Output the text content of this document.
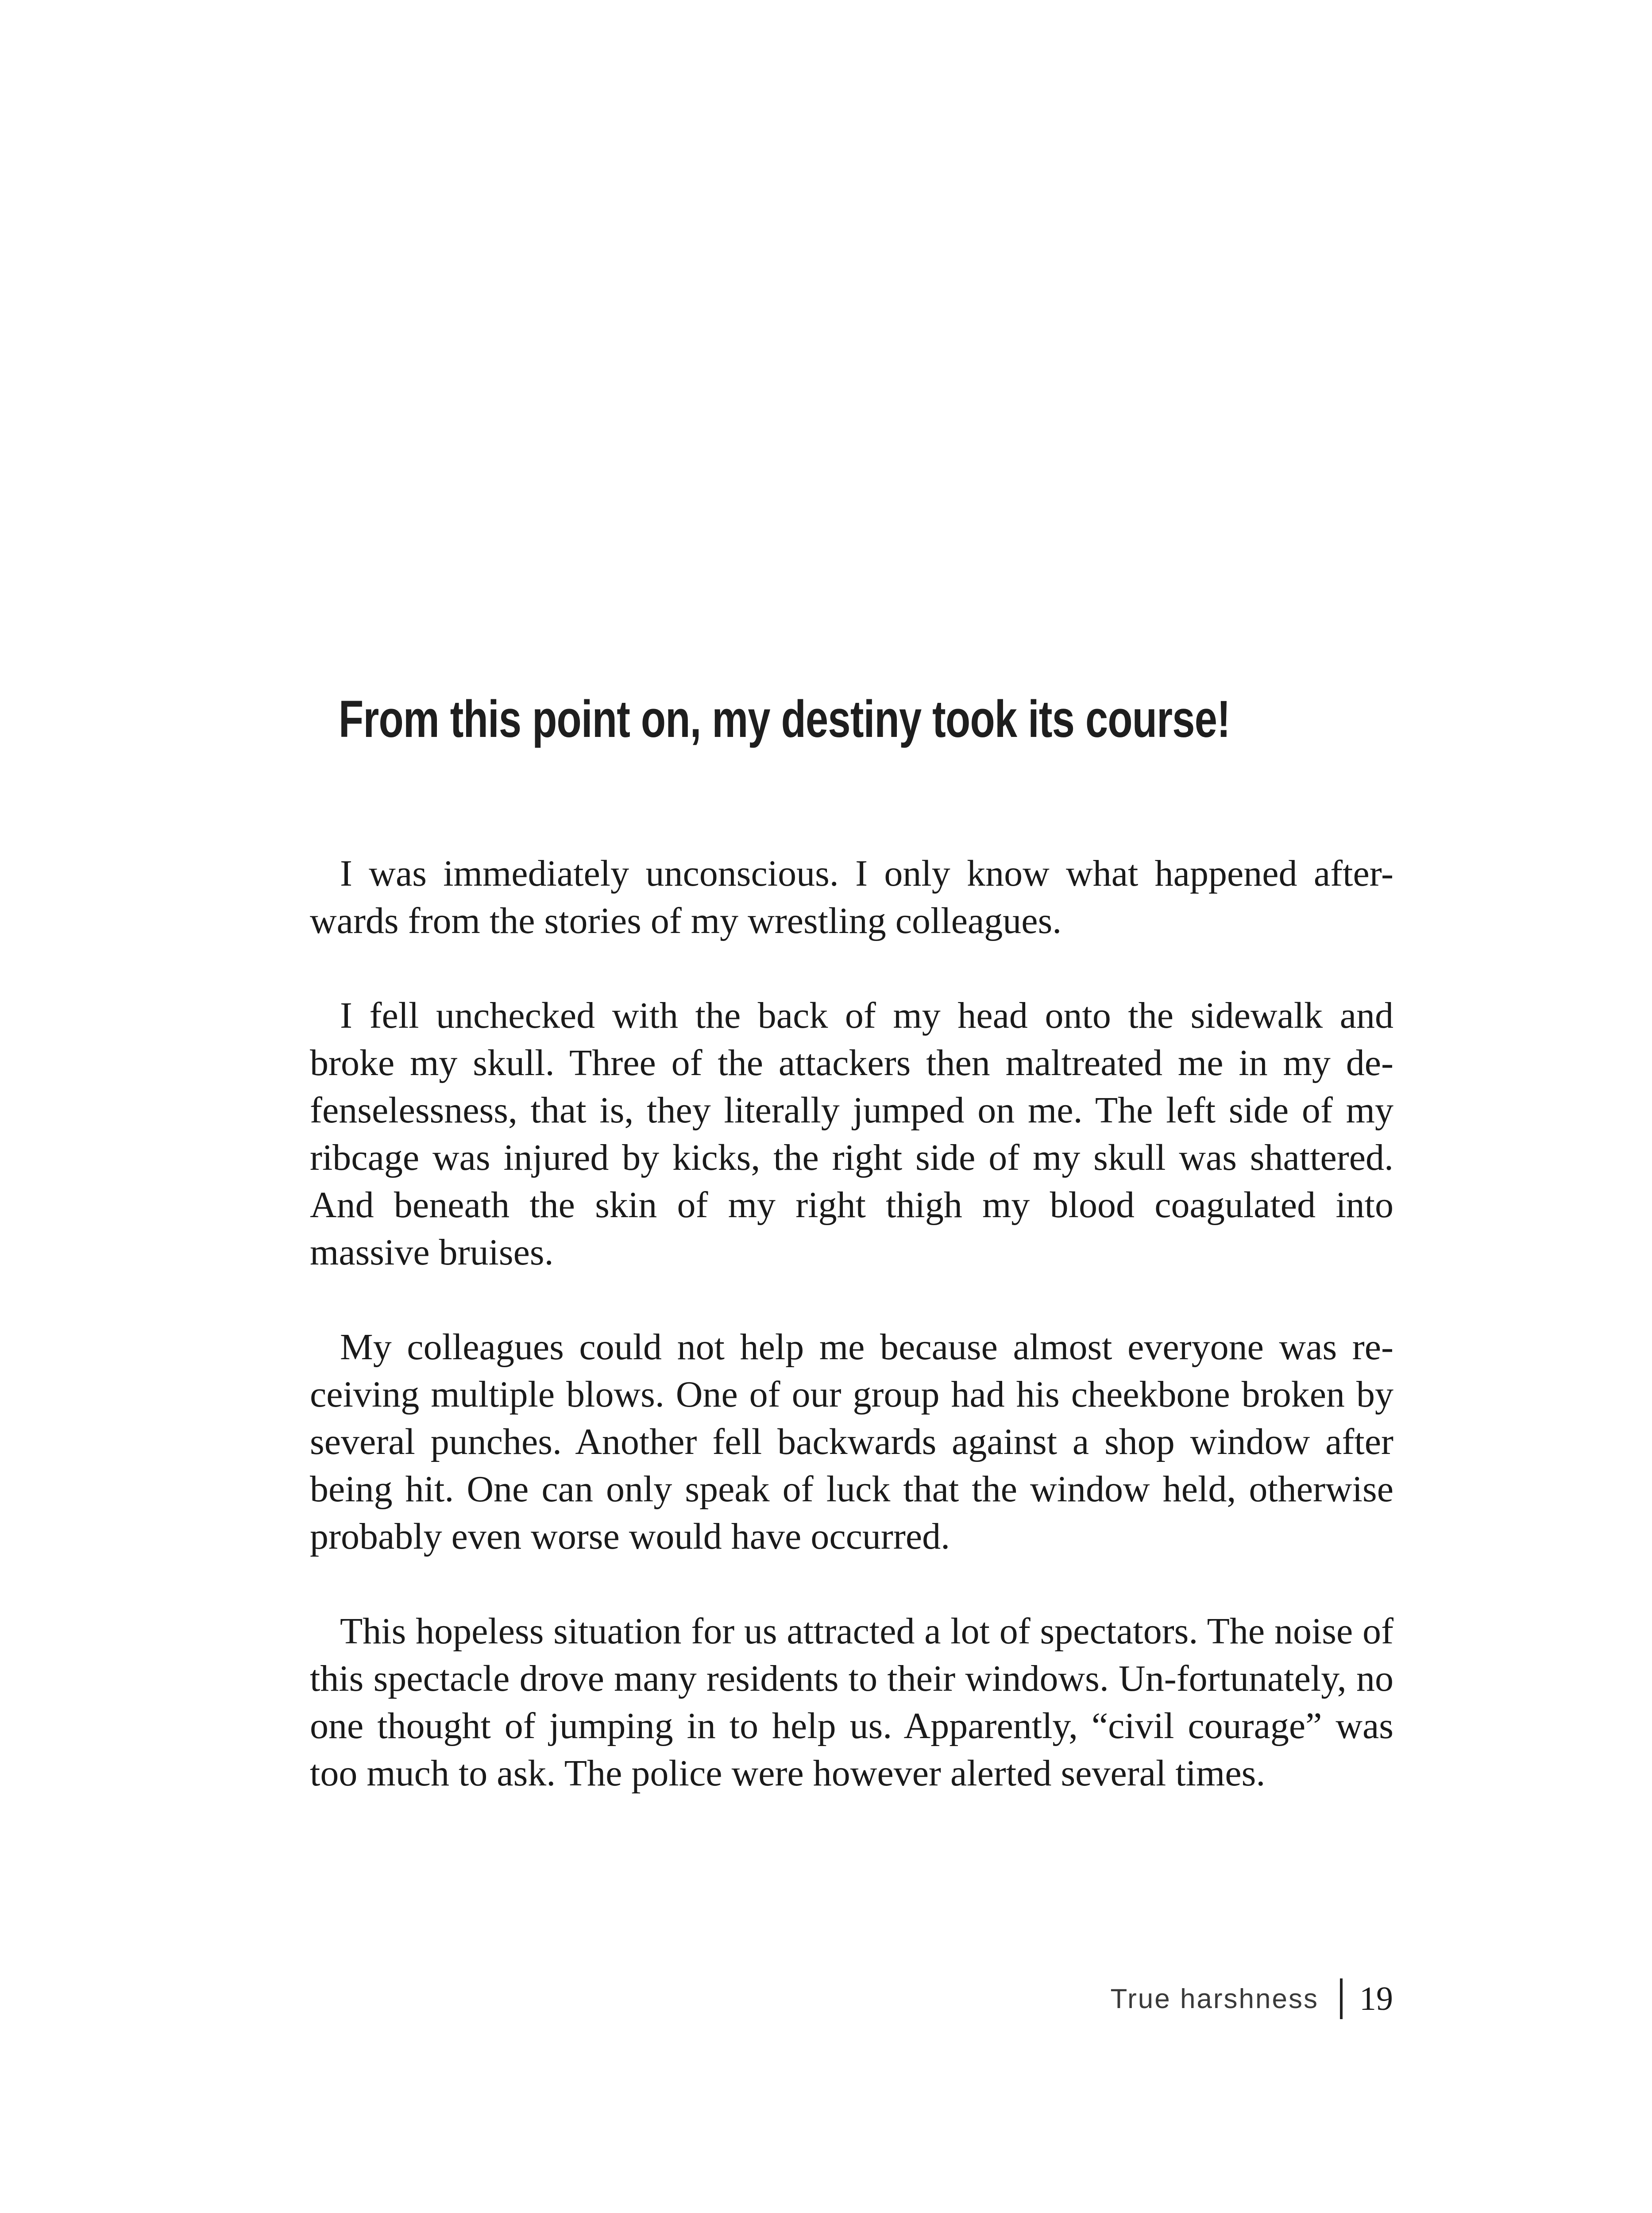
From this point on, my destiny took its course!

I was immediately unconscious. I only know what happened after-wards from the stories of my wrestling colleagues.

I fell unchecked with the back of my head onto the sidewalk and broke my skull. Three of the attackers then maltreated me in my de-fenselessness, that is, they literally jumped on me. The left side of my ribcage was injured by kicks, the right side of my skull was shattered. And beneath the skin of my right thigh my blood coagulated into massive bruises.

My colleagues could not help me because almost everyone was re-ceiving multiple blows. One of our group had his cheekbone broken by several punches. Another fell backwards against a shop window after being hit. One can only speak of luck that the window held, otherwise probably even worse would have occurred.

This hopeless situation for us attracted a lot of spectators. The noise of this spectacle drove many residents to their windows. Un-fortunately, no one thought of jumping in to help us. Apparently, “civil courage” was too much to ask. The police were however alerted several times.

True harshness 19
